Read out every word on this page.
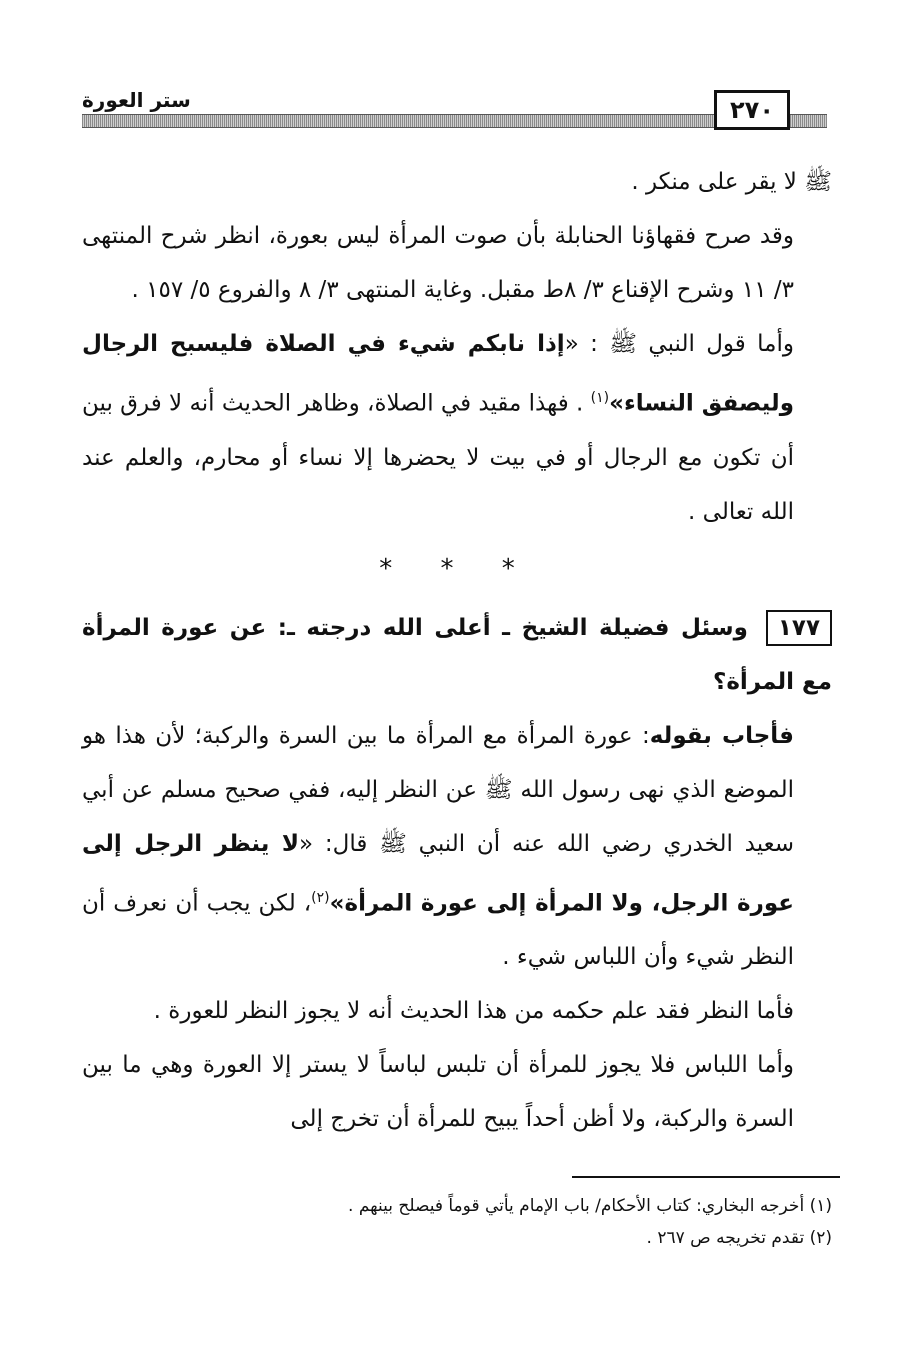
٢٧٠
ستر العورة

ﷺ لا يقر على منكر .

وقد صرح فقهاؤنا الحنابلة بأن صوت المرأة ليس بعورة، انظر شرح المنتهى ٣/ ١١ وشرح الإقناع ٣/ ٨ط مقبل. وغاية المنتهى ٣/ ٨ والفروع ٥/ ١٥٧ .

وأما قول النبي ﷺ : «إذا نابكم شيء في الصلاة فليسبح الرجال وليصفق النساء»$^{(١)}$ . فهذا مقيد في الصلاة، وظاهر الحديث أنه لا فرق بين أن تكون مع الرجال أو في بيت لا يحضرها إلا نساء أو محارم، والعلم عند الله تعالى .

* * *

١٧٧وسئل فضيلة الشيخ ـ أعلى الله درجته ـ: عن عورة المرأة مع المرأة؟

فأجاب بقوله: عورة المرأة مع المرأة ما بين السرة والركبة؛ لأن هذا هو الموضع الذي نهى رسول الله ﷺ عن النظر إليه، ففي صحيح مسلم عن أبي سعيد الخدري رضي الله عنه أن النبي ﷺ قال: «لا ينظر الرجل إلى عورة الرجل، ولا المرأة إلى عورة المرأة»$^{(٢)}$، لكن يجب أن نعرف أن النظر شيء وأن اللباس شيء .

فأما النظر فقد علم حكمه من هذا الحديث أنه لا يجوز النظر للعورة .

وأما اللباس فلا يجوز للمرأة أن تلبس لباساً لا يستر إلا العورة وهي ما بين السرة والركبة، ولا أظن أحداً يبيح للمرأة أن تخرج إلى

(١) أخرجه البخاري: كتاب الأحكام/ باب الإمام يأتي قوماً فيصلح بينهم .

(٢) تقدم تخريجه ص ٢٦٧ .
